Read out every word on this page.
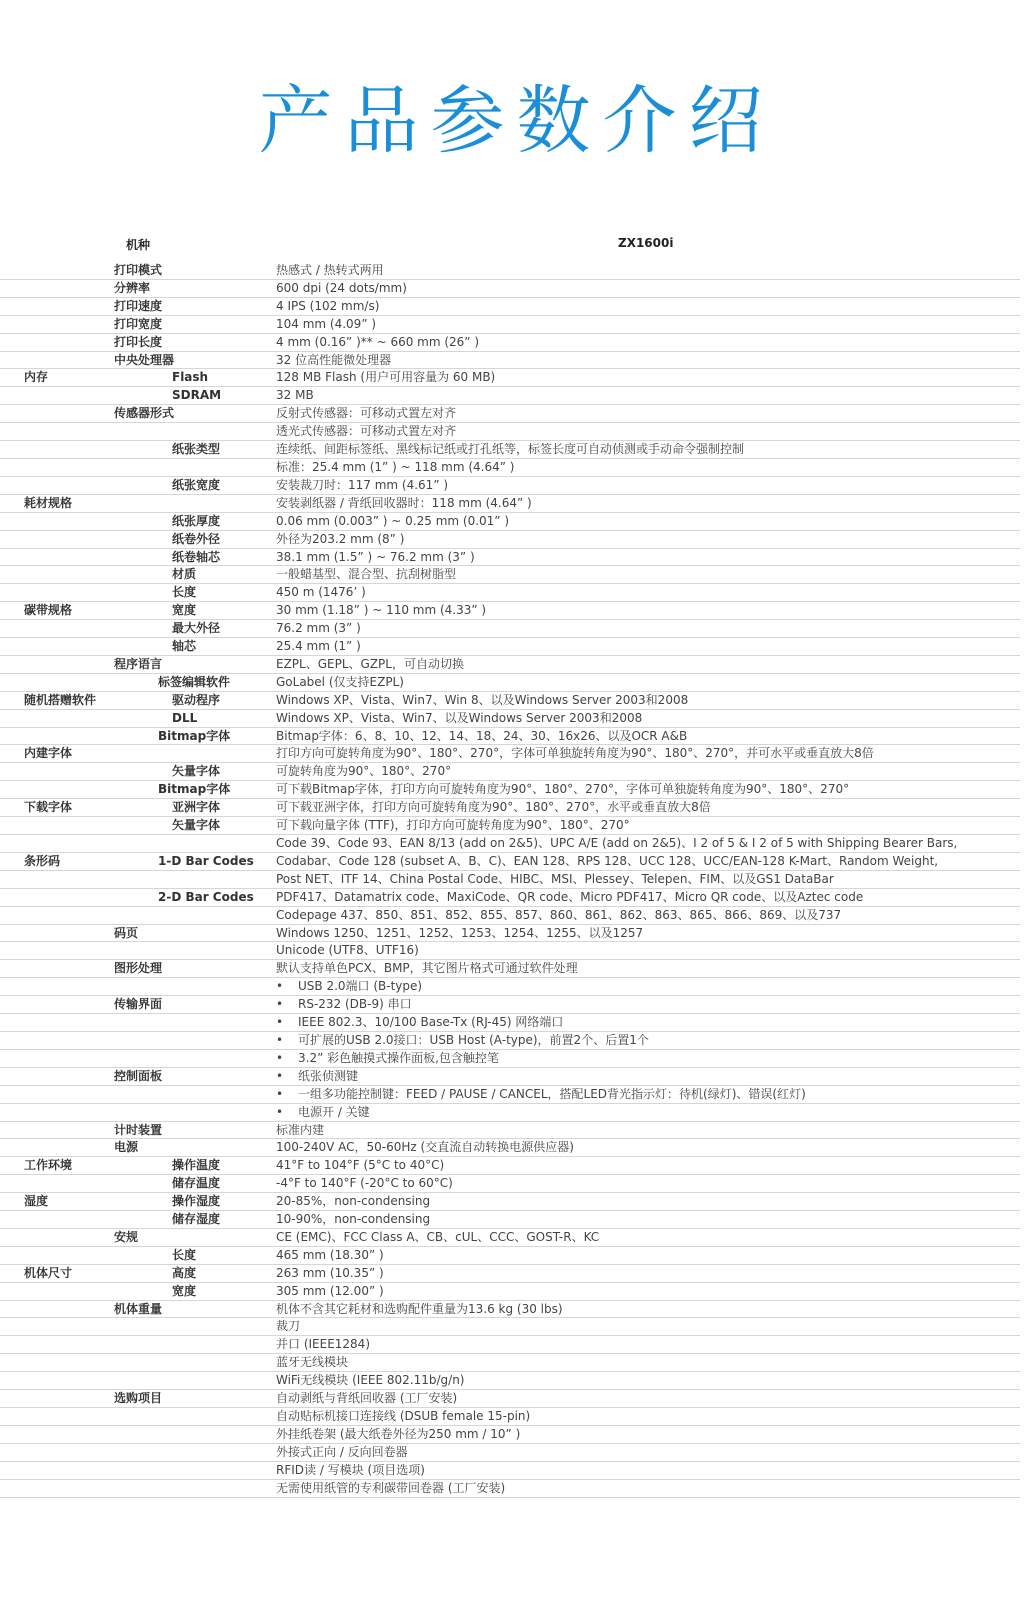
产品参数介绍
机种	ZX1600i
	打印模式	热感式 / 热转式两用
	分辨率	600 dpi (24 dots/mm)
	打印速度	4 IPS (102 mm/s)
	打印宽度	104 mm (4.09” )
	打印长度	4 mm (0.16” )** ~ 660 mm (26” )
	中央处理器	32 位高性能微处理器
内存	Flash	128 MB Flash (用户可用容量为 60 MB)
	SDRAM	32 MB
	传感器形式	反射式传感器：可移动式置左对齐
		透光式传感器：可移动式置左对齐
	纸张类型	连续纸、间距标签纸、黑线标记纸或打孔纸等，标签长度可自动侦测或手动命令强制控制
		标准：25.4 mm (1” ) ~ 118 mm (4.64” )
	纸张宽度	安装裁刀时：117 mm (4.61” )
耗材规格		安装剥纸器 / 背纸回收器时：118 mm (4.64” )
	纸张厚度	0.06 mm (0.003” ) ~ 0.25 mm (0.01” )
	纸卷外径	外径为203.2 mm (8” )
	纸卷轴芯	38.1 mm (1.5” ) ~ 76.2 mm (3” )
	材质	一般蜡基型、混合型、抗刮树脂型
	长度	450 m (1476’ )
碳带规格	宽度	30 mm (1.18” ) ~ 110 mm (4.33” )
	最大外径	76.2 mm (3” )
	轴芯	25.4 mm (1” )
	程序语言	EZPL、GEPL、GZPL，可自动切换
	标签编辑软件	GoLabel (仅支持EZPL)
随机搭赠软件	驱动程序	Windows XP、Vista、Win7、Win 8、以及Windows Server 2003和2008
	DLL	Windows XP、Vista、Win7、以及Windows Server 2003和2008
	Bitmap字体	Bitmap字体：6、8、10、12、14、18、24、30、16x26、以及OCR A&B
内建字体		打印方向可旋转角度为90°、180°、270°，字体可单独旋转角度为90°、180°、270°，并可水平或垂直放大8倍
	矢量字体	可旋转角度为90°、180°、270°
	Bitmap字体	可下载Bitmap字体，打印方向可旋转角度为90°、180°、270°，字体可单独旋转角度为90°、180°、270°
下载字体	亚洲字体	可下载亚洲字体，打印方向可旋转角度为90°、180°、270°，水平或垂直放大8倍
	矢量字体	可下载向量字体 (TTF)，打印方向可旋转角度为90°、180°、270°
		Code 39、Code 93、EAN 8/13 (add on 2&5)、UPC A/E (add on 2&5)、I 2 of 5 & I 2 of 5 with Shipping Bearer Bars,
条形码	1-D Bar Codes	Codabar、Code 128 (subset A、B、C)、EAN 128、RPS 128、UCC 128、UCC/EAN-128 K-Mart、Random Weight,
		Post NET、ITF 14、China Postal Code、HIBC、MSI、Plessey、Telepen、FIM、以及GS1 DataBar
	2-D Bar Codes	PDF417、Datamatrix code、MaxiCode、QR code、Micro PDF417、Micro QR code、以及Aztec code
		Codepage 437、850、851、852、855、857、860、861、862、863、865、866、869、以及737
	码页	Windows 1250、1251、1252、1253、1254、1255、以及1257
		Unicode (UTF8、UTF16)
	图形处理	默认支持单色PCX、BMP，其它图片格式可通过软件处理
		• USB 2.0端口 (B-type)
	传输界面	• RS-232 (DB-9) 串口
		• IEEE 802.3、10/100 Base-Tx (RJ-45) 网络端口
		• 可扩展的USB 2.0接口：USB Host (A-type)，前置2个、后置1个
		• 3.2” 彩色触摸式操作面板,包含触控笔
	控制面板	• 纸张侦测键
		• 一组多功能控制键：FEED / PAUSE / CANCEL，搭配LED背光指示灯：待机(绿灯)、错误(红灯)
		• 电源开 / 关键
	计时装置	标准内建
	电源	100-240V AC，50-60Hz (交直流自动转换电源供应器)
工作环境	操作温度	41°F to 104°F (5°C to 40°C)
	储存温度	-4°F to 140°F (-20°C to 60°C)
湿度	操作湿度	20-85%，non-condensing
	储存湿度	10-90%，non-condensing
	安规	CE (EMC)、FCC Class A、CB、cUL、CCC、GOST-R、KC
	长度	465 mm (18.30” )
机体尺寸	高度	263 mm (10.35” )
	宽度	305 mm (12.00” )
	机体重量	机体不含其它耗材和选购配件重量为13.6 kg (30 lbs)
		裁刀
		并口 (IEEE1284)
		蓝牙无线模块
		WiFi无线模块 (IEEE 802.11b/g/n)
	选购项目	自动剥纸与背纸回收器 (工厂安装)
		自动贴标机接口连接线 (DSUB female 15-pin)
		外挂纸卷架 (最大纸卷外径为250 mm / 10” )
		外接式正向 / 反向回卷器
		RFID读 / 写模块 (项目选项)
		无需使用纸管的专利碳带回卷器 (工厂安装)
